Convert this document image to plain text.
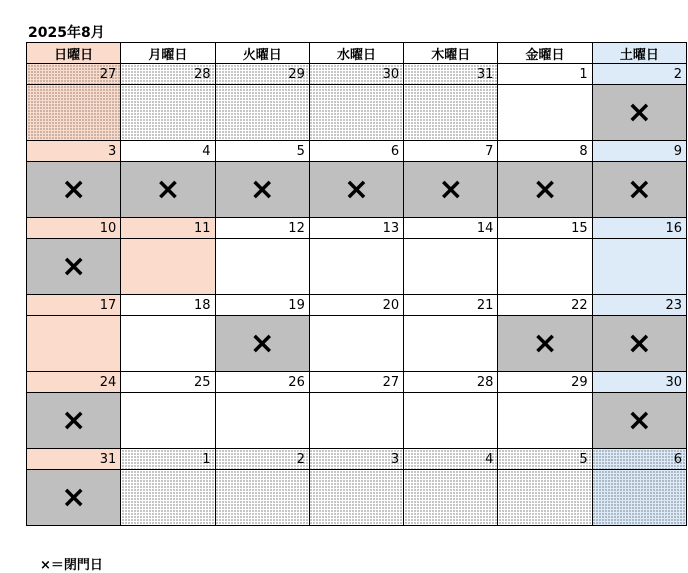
2025年8月
日曜日	月曜日	火曜日	水曜日	木曜日	金曜日	土曜日
27	28	29	30	31	1	2
						×
3	4	5	6	7	8	9
×	×	×	×	×	×	×
10	11	12	13	14	15	16
×						
17	18	19	20	21	22	23
		×			×	×
24	25	26	27	28	29	30
×						×
31	1	2	3	4	5	6
×						
×＝閉門日
